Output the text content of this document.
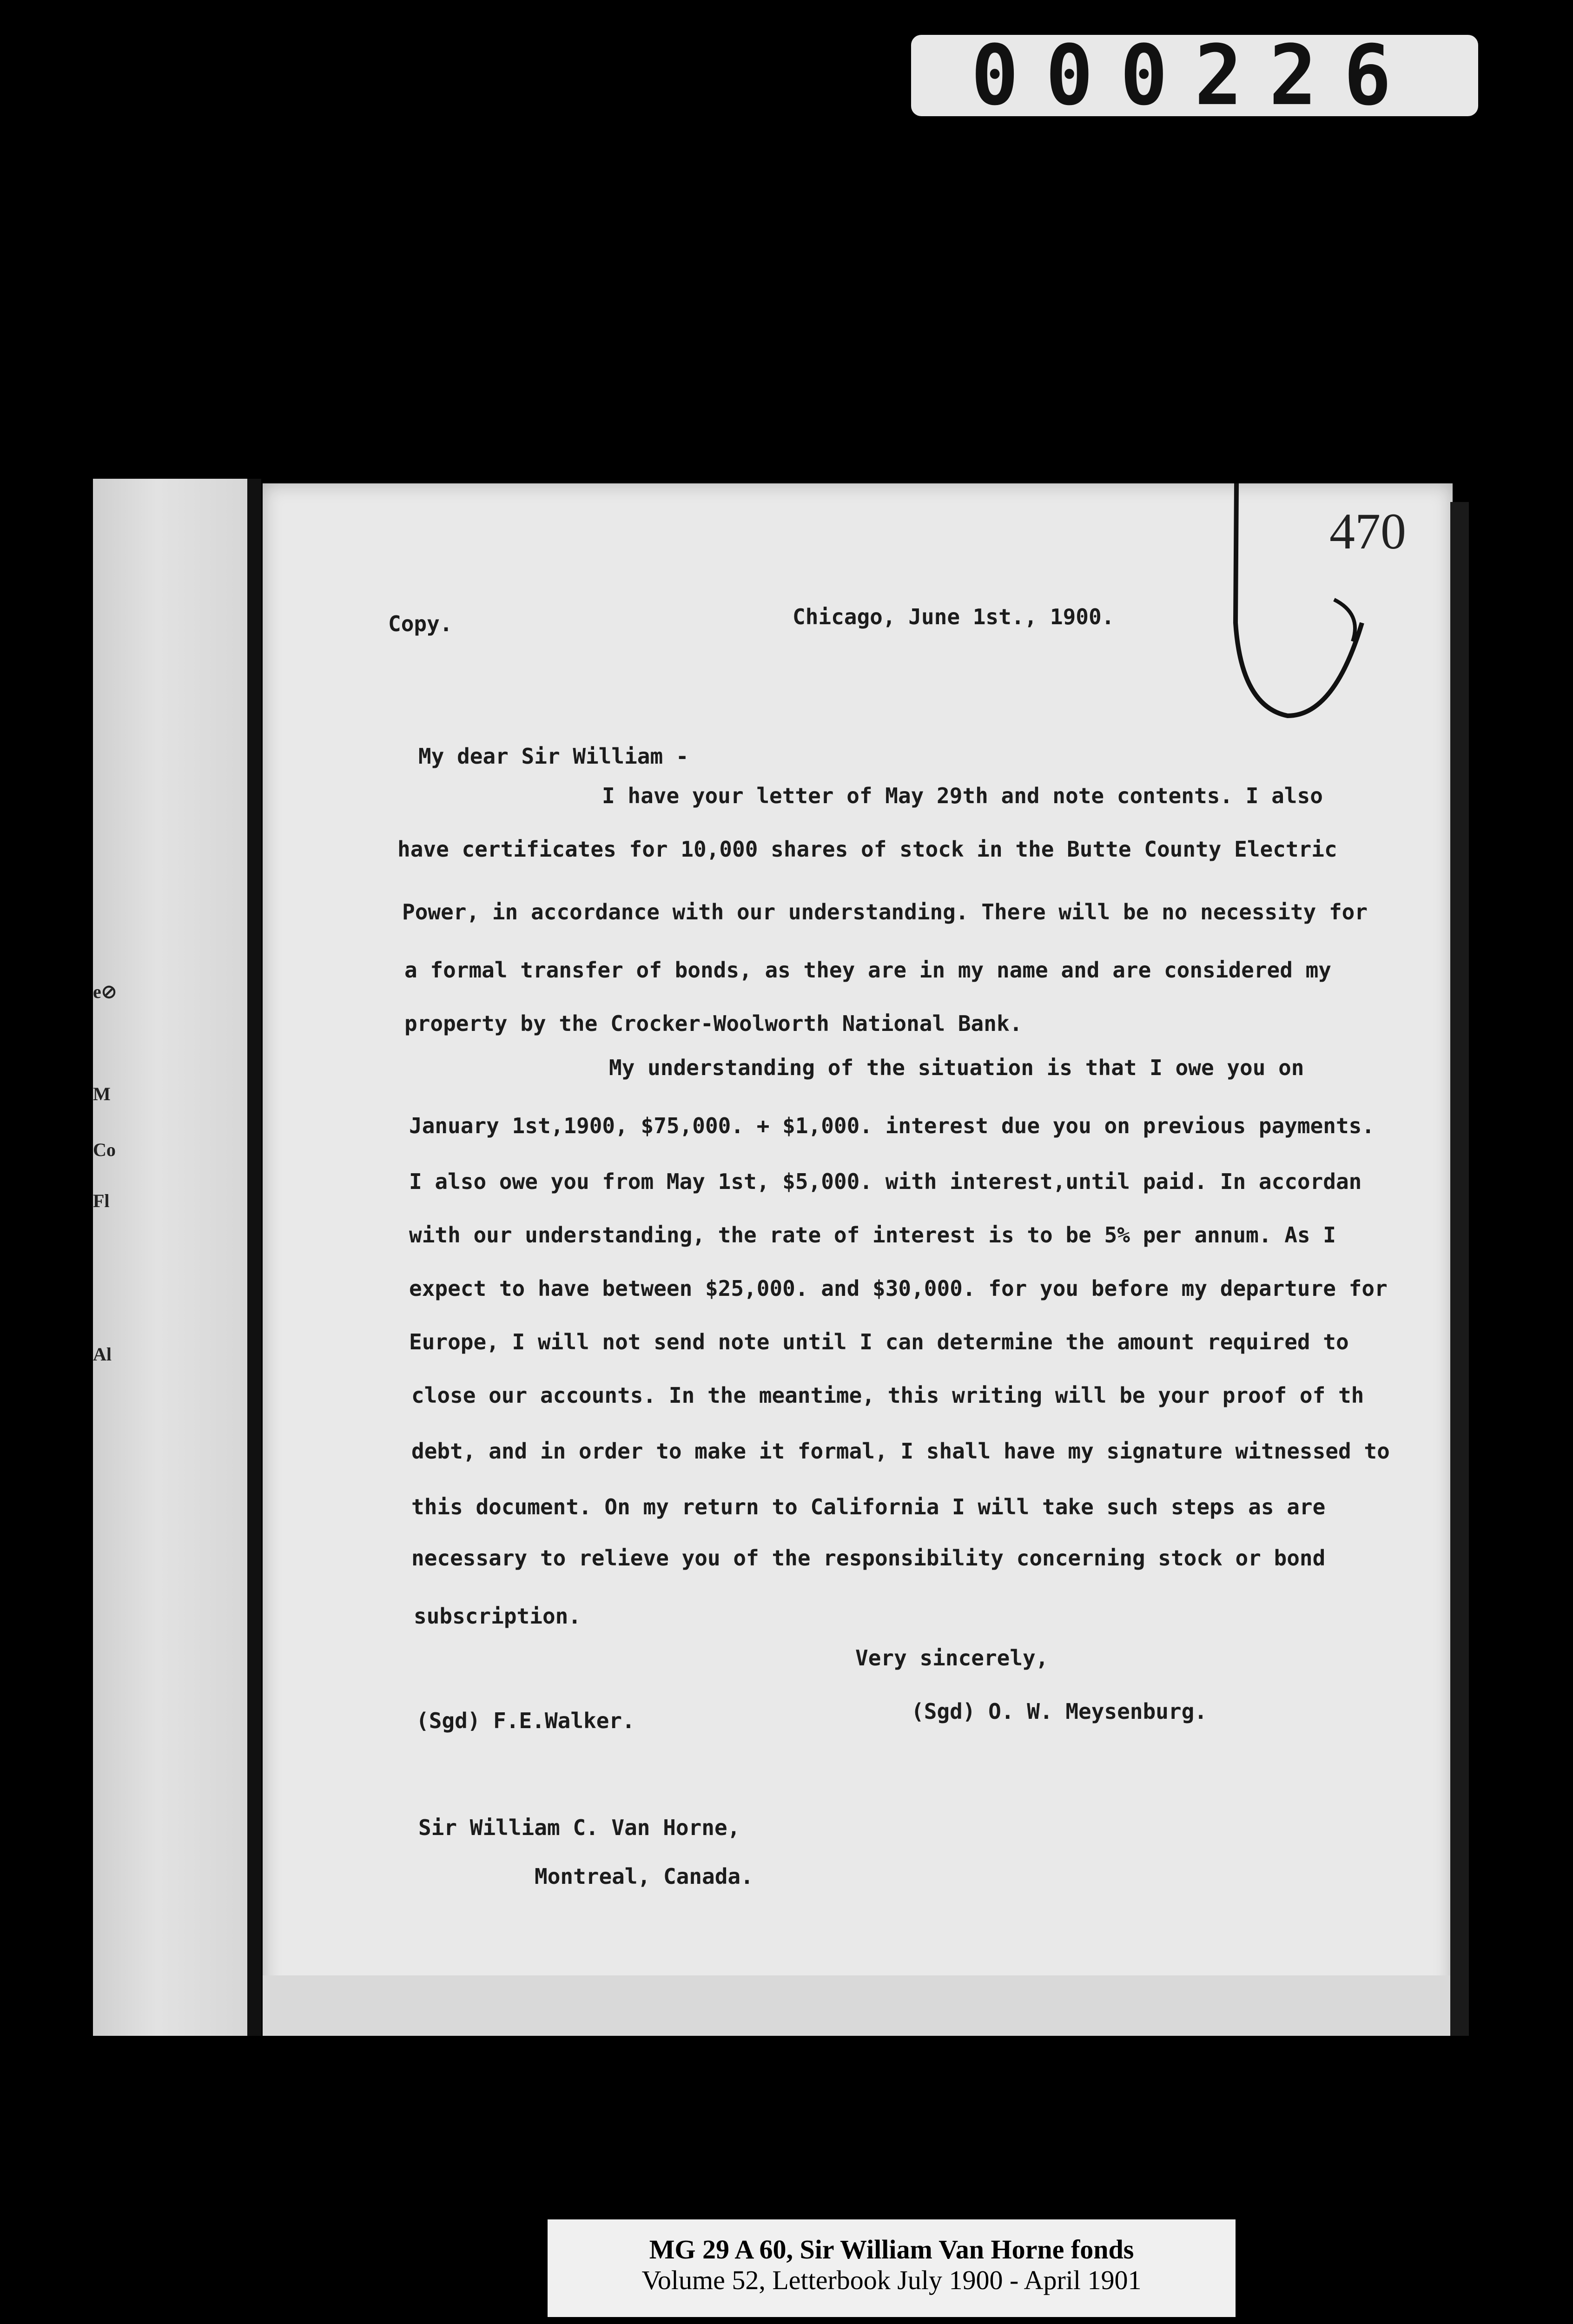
000226
e⊘
M
Co
Fl
Al
470
Copy.	Chicago, June 1st., 1900.
My dear Sir William -
I have your letter of May 29th and note contents. I also
have certificates for 10,000 shares of stock in the Butte County Electric
Power, in accordance with our understanding. There will be no necessity for
a formal transfer of bonds, as they are in my name and are considered my
property by the Crocker-Woolworth National Bank.
My understanding of the situation is that I owe you on
January 1st,1900, $75,000. + $1,000. interest due you on previous payments.
I also owe you from May 1st, $5,000. with interest,until paid. In accordan
with our understanding, the rate of interest is to be 5% per annum. As I
expect to have between $25,000. and $30,000. for you before my departure for
Europe, I will not send note until I can determine the amount required to
close our accounts. In the meantime, this writing will be your proof of th
debt, and in order to make it formal, I shall have my signature witnessed to
this document. On my return to California I will take such steps as are
necessary to relieve you of the responsibility concerning stock or bond
subscription.
Very sincerely,
(Sgd) F.E.Walker.	(Sgd) O. W. Meysenburg.
Sir William C. Van Horne,
Montreal, Canada.
MG 29 A 60, Sir William Van Horne fonds
Volume 52, Letterbook July 1900 - April 1901
